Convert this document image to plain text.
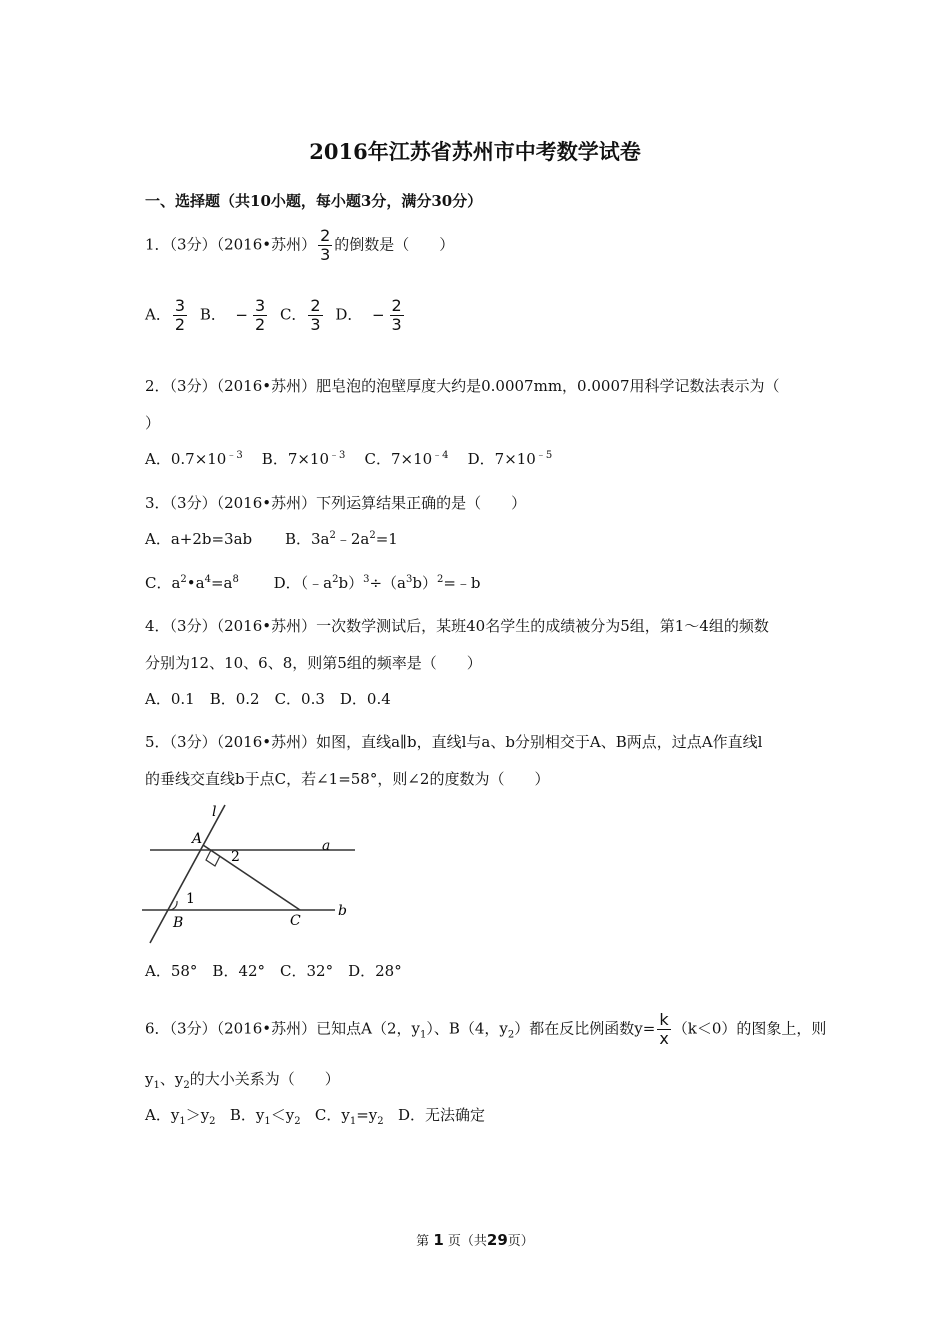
2016年江苏省苏州市中考数学试卷
一、选择题（共10小题，每小题3分，满分30分）
1．（3分）（2016•苏州） $\frac{2}{3}$ 的倒数是（　　）
A． $\frac{3}{2}$ B． − $\frac{3}{2}$ C． $\frac{2}{3}$ D． − $\frac{2}{3}$
2．（3分）（2016•苏州）肥皂泡的泡壁厚度大约是0.0007mm，0.0007用科学记数法表示为（
）
A．$0.7\times 10^{﹣3}$ B．$7\times 10^{﹣3}$ C．$7\times 10^{﹣4}$ D．$7\times 10^{﹣5}$
3．（3分）（2016•苏州）下列运算结果正确的是（　　）
A．a+2b=3ab B．$3a^2﹣2a^2=1$
C．$a^2•a^4=a^8$ D．$(﹣a^2b)^3\div(a^3b)^2=﹣b$
4．（3分）（2016•苏州）一次数学测试后，某班40名学生的成绩被分为5组，第1～4组的频数
分别为12、10、6、8，则第5组的频率是（　　）
A．0.1　B．0.2　C．0.3　D．0.4
5．（3分）（2016•苏州）如图，直线a∥b，直线l与a、b分别相交于A、B两点，过点A作直线l
的垂线交直线b于点C，若∠1=58°，则∠2的度数为（　　）
l
A
2
1
B	C
b
a
A．58°　B．42°　C．32°　D．28°
6．（3分）（2016•苏州）已知点A（2，$y_1$）、B（4，$y_2$）都在反比例函数$y= \frac{k}{x} (k<0)$的图象上，则
$y_1$、$y_2$的大小关系为（　　）
A．$y_1>y_2$ B．$y_1<y_2$ C．$y_1=y_2$ D．无法确定
第 1 页（共29页）
